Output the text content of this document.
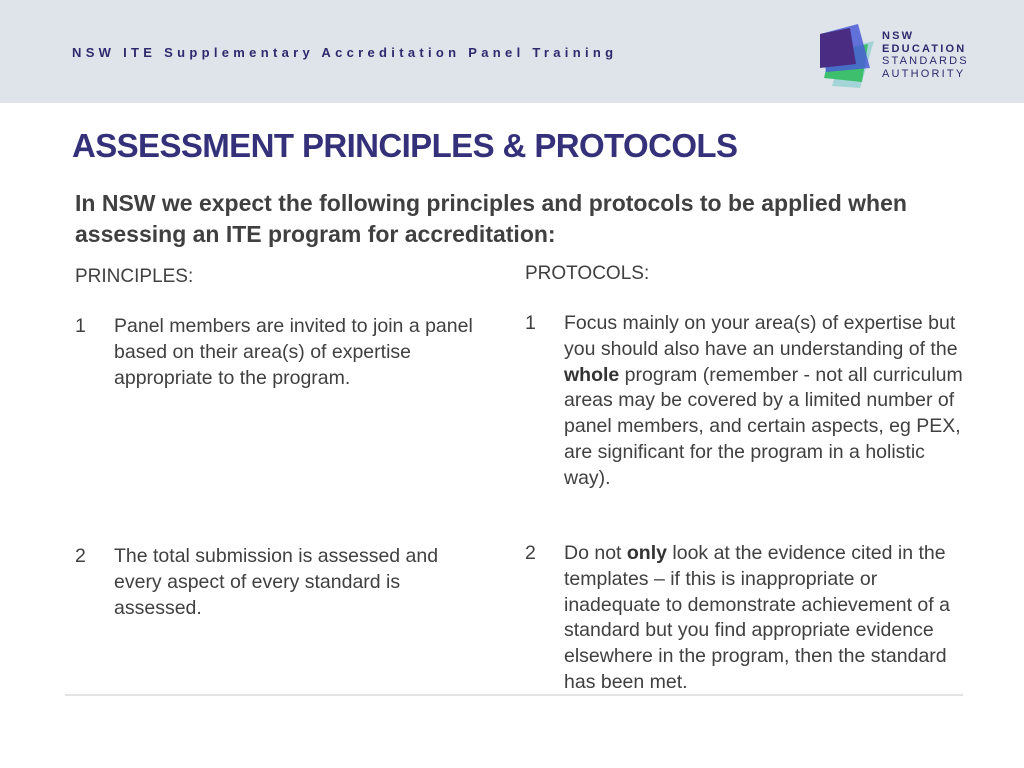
NSW ITE Supplementary Accreditation Panel Training
NSW
EDUCATION
STANDARDS
AUTHORITY
ASSESSMENT PRINCIPLES & PROTOCOLS
In NSW we expect the following principles and protocols to be applied when assessing an ITE program for accreditation:
PRINCIPLES:	PROTOCOLS:
1 Panel members are invited to join a panel based on their area(s) of expertise appropriate to the program.
2 The total submission is assessed and every aspect of every standard is assessed.
1 Focus mainly on your area(s) of expertise but you should also have an understanding of the whole program (remember - not all curriculum areas may be covered by a limited number of panel members, and certain aspects, eg PEX, are significant for the program in a holistic way).
2 Do not only look at the evidence cited in the templates – if this is inappropriate or inadequate to demonstrate achievement of a standard but you find appropriate evidence elsewhere in the program, then the standard has been met.
